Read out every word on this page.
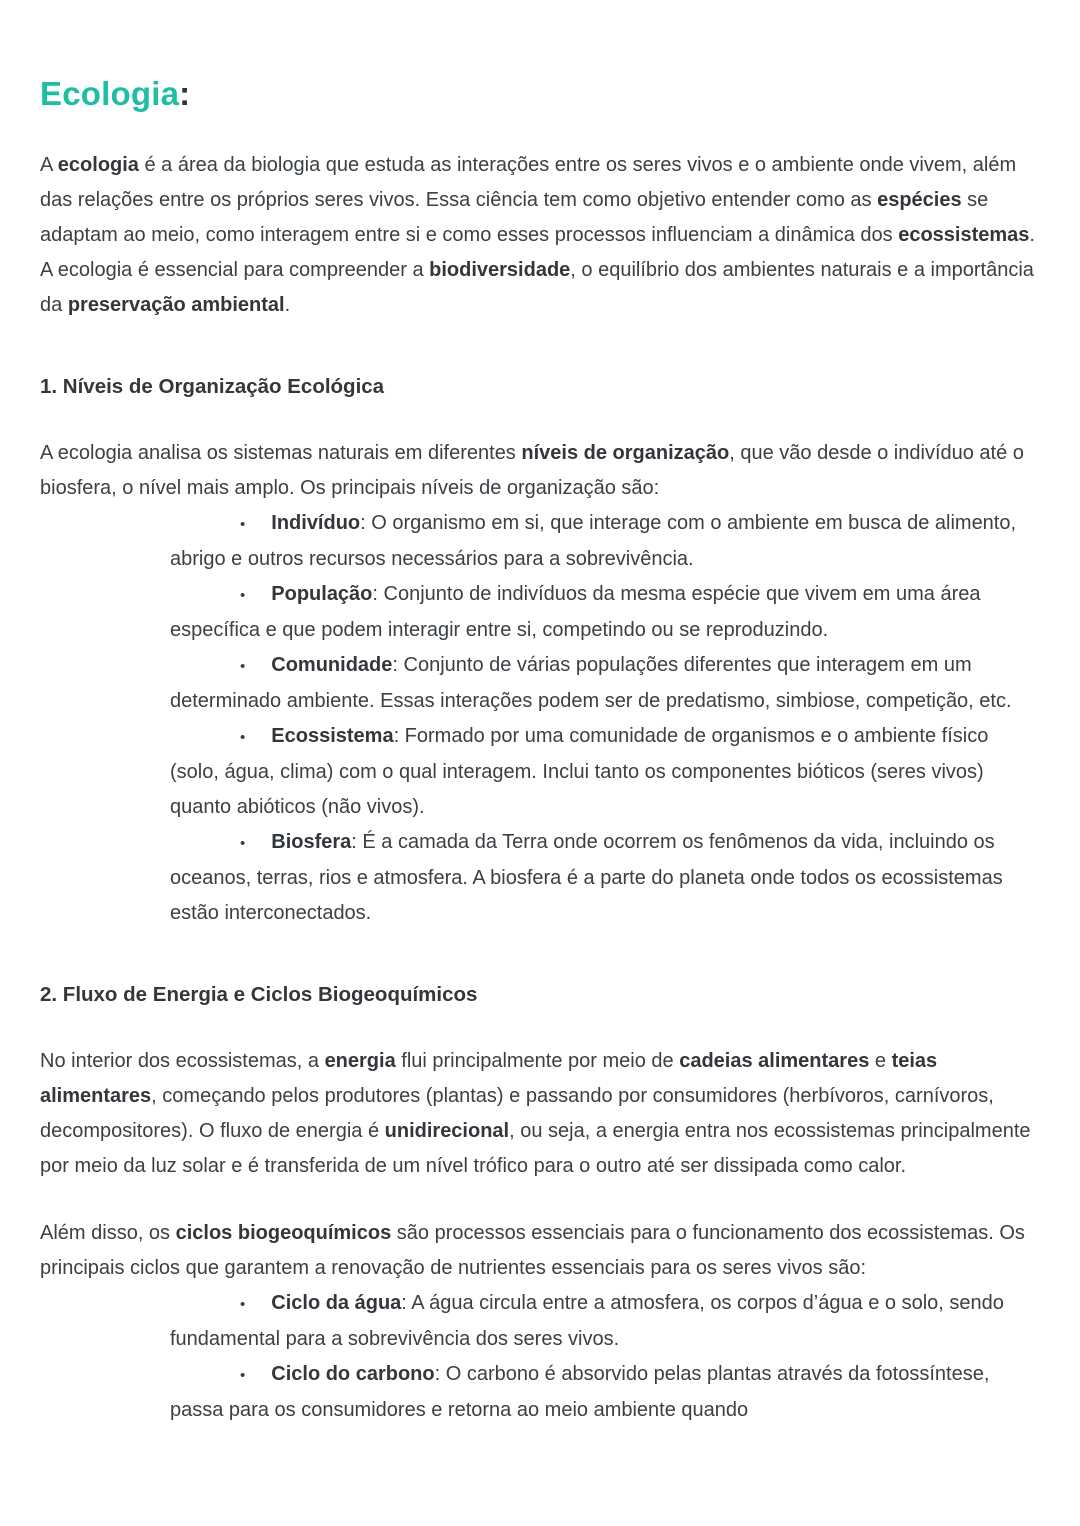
Ecologia:
A ecologia é a área da biologia que estuda as interações entre os seres vivos e o ambiente onde vivem, além das relações entre os próprios seres vivos. Essa ciência tem como objetivo entender como as espécies se adaptam ao meio, como interagem entre si e como esses processos influenciam a dinâmica dos ecossistemas. A ecologia é essencial para compreender a biodiversidade, o equilíbrio dos ambientes naturais e a importância da preservação ambiental.
1. Níveis de Organização Ecológica
A ecologia analisa os sistemas naturais em diferentes níveis de organização, que vão desde o indivíduo até o biosfera, o nível mais amplo. Os principais níveis de organização são:
• Indivíduo: O organismo em si, que interage com o ambiente em busca de alimento, abrigo e outros recursos necessários para a sobrevivência.
• População: Conjunto de indivíduos da mesma espécie que vivem em uma área específica e que podem interagir entre si, competindo ou se reproduzindo.
• Comunidade: Conjunto de várias populações diferentes que interagem em um determinado ambiente. Essas interações podem ser de predatismo, simbiose, competição, etc.
• Ecossistema: Formado por uma comunidade de organismos e o ambiente físico (solo, água, clima) com o qual interagem. Inclui tanto os componentes bióticos (seres vivos) quanto abióticos (não vivos).
• Biosfera: É a camada da Terra onde ocorrem os fenômenos da vida, incluindo os oceanos, terras, rios e atmosfera. A biosfera é a parte do planeta onde todos os ecossistemas estão interconectados.
2. Fluxo de Energia e Ciclos Biogeoquímicos
No interior dos ecossistemas, a energia flui principalmente por meio de cadeias alimentares e teias alimentares, começando pelos produtores (plantas) e passando por consumidores (herbívoros, carnívoros, decompositores). O fluxo de energia é unidirecional, ou seja, a energia entra nos ecossistemas principalmente por meio da luz solar e é transferida de um nível trófico para o outro até ser dissipada como calor.
Além disso, os ciclos biogeoquímicos são processos essenciais para o funcionamento dos ecossistemas. Os principais ciclos que garantem a renovação de nutrientes essenciais para os seres vivos são:
• Ciclo da água: A água circula entre a atmosfera, os corpos d’água e o solo, sendo fundamental para a sobrevivência dos seres vivos.
• Ciclo do carbono: O carbono é absorvido pelas plantas através da fotossíntese, passa para os consumidores e retorna ao meio ambiente quando
